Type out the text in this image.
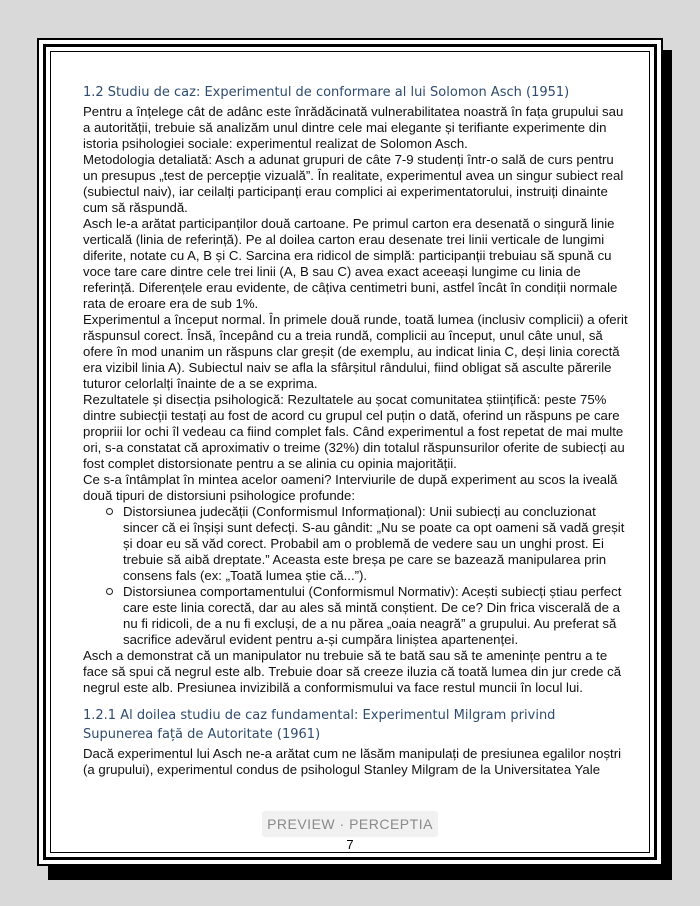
1.2 Studiu de caz: Experimentul de conformare al lui Solomon Asch (1951)

Pentru a înțelege cât de adânc este înrădăcinată vulnerabilitatea noastră în fața grupului sau a autorității, trebuie să analizăm unul dintre cele mai elegante și terifiante experimente din istoria psihologiei sociale: experimentul realizat de Solomon Asch.

Metodologia detaliată: Asch a adunat grupuri de câte 7-9 studenți într-o sală de curs pentru un presupus „test de percepție vizuală”. În realitate, experimentul avea un singur subiect real (subiectul naiv), iar ceilalți participanți erau complici ai experimentatorului, instruiți dinainte cum să răspundă.

Asch le-a arătat participanților două cartoane. Pe primul carton era desenată o singură linie verticală (linia de referință). Pe al doilea carton erau desenate trei linii verticale de lungimi diferite, notate cu A, B și C. Sarcina era ridicol de simplă: participanții trebuiau să spună cu voce tare care dintre cele trei linii (A, B sau C) avea exact aceeași lungime cu linia de referință. Diferențele erau evidente, de câțiva centimetri buni, astfel încât în condiții normale rata de eroare era de sub 1%.

Experimentul a început normal. În primele două runde, toată lumea (inclusiv complicii) a oferit răspunsul corect. Însă, începând cu a treia rundă, complicii au început, unul câte unul, să ofere în mod unanim un răspuns clar greșit (de exemplu, au indicat linia C, deși linia corectă era vizibil linia A). Subiectul naiv se afla la sfârșitul rândului, fiind obligat să asculte părerile tuturor celorlalți înainte de a se exprima.

Rezultatele și disecția psihologică: Rezultatele au șocat comunitatea științifică: peste 75% dintre subiecții testați au fost de acord cu grupul cel puțin o dată, oferind un răspuns pe care propriii lor ochi îl vedeau ca fiind complet fals. Când experimentul a fost repetat de mai multe ori, s-a constatat că aproximativ o treime (32%) din totalul răspunsurilor oferite de subiecți au fost complet distorsionate pentru a se alinia cu opinia majorității.

Ce s-a întâmplat în mintea acelor oameni? Interviurile de după experiment au scos la iveală două tipuri de distorsiuni psihologice profunde:

Distorsiunea judecății (Conformismul Informațional): Unii subiecți au concluzionat sincer că ei înșiși sunt defecți. S-au gândit: „Nu se poate ca opt oameni să vadă greșit și doar eu să văd corect. Probabil am o problemă de vedere sau un unghi prost. Ei trebuie să aibă dreptate.” Aceasta este breșa pe care se bazează manipularea prin consens fals (ex: „Toată lumea știe că...”).
Distorsiunea comportamentului (Conformismul Normativ): Acești subiecți știau perfect care este linia corectă, dar au ales să mintă conștient. De ce? Din frica viscerală de a nu fi ridicoli, de a nu fi excluși, de a nu părea „oaia neagră” a grupului. Au preferat să sacrifice adevărul evident pentru a-și cumpăra liniștea apartenenței.

Asch a demonstrat că un manipulator nu trebuie să te bată sau să te amenințe pentru a te face să spui că negrul este alb. Trebuie doar să creeze iluzia că toată lumea din jur crede că negrul este alb. Presiunea invizibilă a conformismului va face restul muncii în locul lui.

1.2.1 Al doilea studiu de caz fundamental: Experimentul Milgram privind Supunerea față de Autoritate (1961)

Dacă experimentul lui Asch ne-a arătat cum ne lăsăm manipulați de presiunea egalilor noștri (a grupului), experimentul condus de psihologul Stanley Milgram de la Universitatea Yale

PREVIEW · PERCEPTIA
7
